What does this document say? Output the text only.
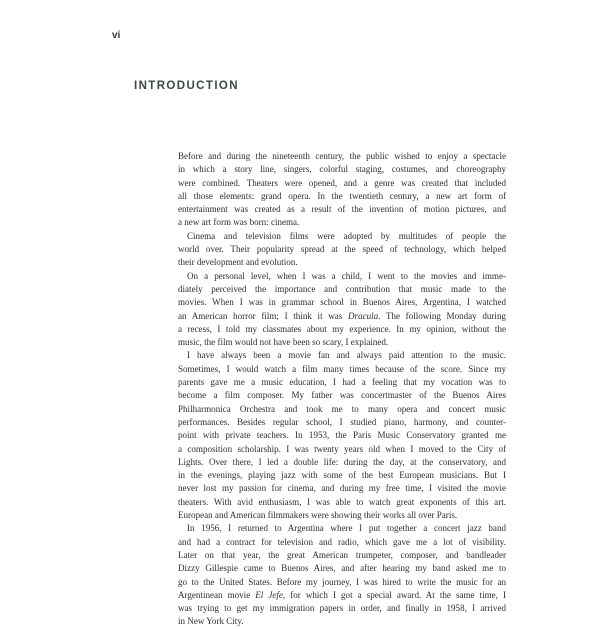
vi
INTRODUCTION

Before and during the nineteenth century, the public wished to enjoy a spectacle
in which a story line, singers, colorful staging, costumes, and choreography
were combined. Theaters were opened, and a genre was created that included
all those elements: grand opera. In the twentieth century, a new art form of
entertainment was created as a result of the invention of motion pictures, and
a new art form was born: cinema.

Cinema and television films were adopted by multitudes of people the
world over. Their popularity spread at the speed of technology, which helped
their development and evolution.

On a personal level, when I was a child, I went to the movies and imme-
diately perceived the importance and contribution that music made to the
movies. When I was in grammar school in Buenos Aires, Argentina, I watched
an American horror film; I think it was Dracula. The following Monday during
a recess, I told my classmates about my experience. In my opinion, without the
music, the film would not have been so scary, I explained.

I have always been a movie fan and always paid attention to the music.
Sometimes, I would watch a film many times because of the score. Since my
parents gave me a music education, I had a feeling that my vocation was to
become a film composer. My father was concertmaster of the Buenos Aires
Philharmonica Orchestra and took me to many opera and concert music
performances. Besides regular school, I studied piano, harmony, and counter-
point with private teachers. In 1953, the Paris Music Conservatory granted me
a composition scholarship. I was twenty years old when I moved to the City of
Lights. Over there, I led a double life: during the day, at the conservatory, and
in the evenings, playing jazz with some of the best European musicians. But I
never lost my passion for cinema, and during my free time, I visited the movie
theaters. With avid enthusiasm, I was able to watch great exponents of this art.
European and American filmmakers were showing their works all over Paris.

In 1956, I returned to Argentina where I put together a concert jazz band
and had a contract for television and radio, which gave me a lot of visibility.
Later on that year, the great American trumpeter, composer, and bandleader
Dizzy Gillespie came to Buenos Aires, and after hearing my band asked me to
go to the United States. Before my journey, I was hired to write the music for an
Argentinean movie El Jefe, for which I got a special award. At the same time, I
was trying to get my immigration papers in order, and finally in 1958, I arrived
in New York City.
